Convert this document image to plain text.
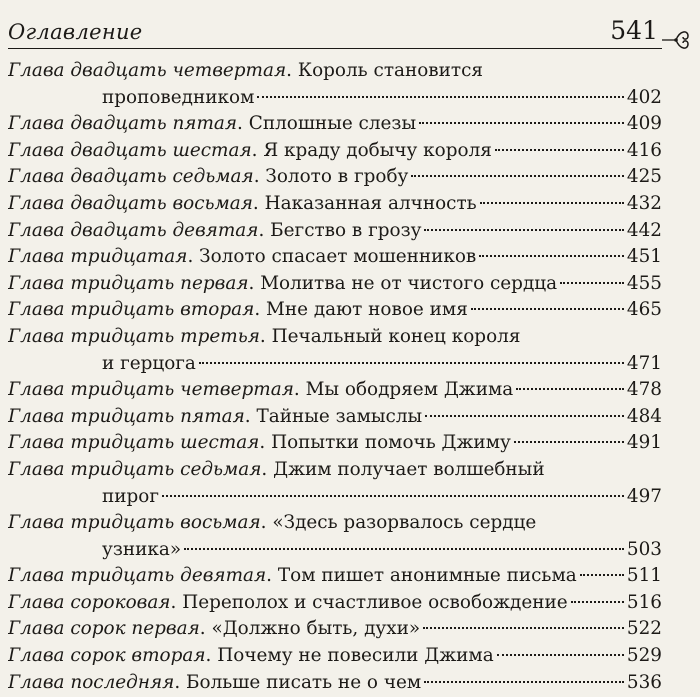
Оглавление	541
Глава двадцать четвертая . Король становится
проповедником	402
Глава двадцать пятая . Сплошные слезы	409
Глава двадцать шестая . Я краду добычу короля	416
Глава двадцать седьмая . Золото в гробу	425
Глава двадцать восьмая . Наказанная алчность	432
Глава двадцать девятая . Бегство в грозу	442
Глава тридцатая . Золото спасает мошенников	451
Глава тридцать первая . Молитва не от чистого сердца	455
Глава тридцать вторая . Мне дают новое имя	465
Глава тридцать третья . Печальный конец короля
и герцога	471
Глава тридцать четвертая . Мы ободряем Джима	478
Глава тридцать пятая . Тайные замыслы	484
Глава тридцать шестая . Попытки помочь Джиму	491
Глава тридцать седьмая . Джим получает волшебный
пирог	497
Глава тридцать восьмая . «Здесь разорвалось сердце
узника»	503
Глава тридцать девятая . Том пишет анонимные письма	511
Глава сороковая . Переполох и счастливое освобождение	516
Глава сорок первая . «Должно быть, духи»	522
Глава сорок вторая . Почему не повесили Джима	529
Глава последняя . Больше писать не о чем	536
